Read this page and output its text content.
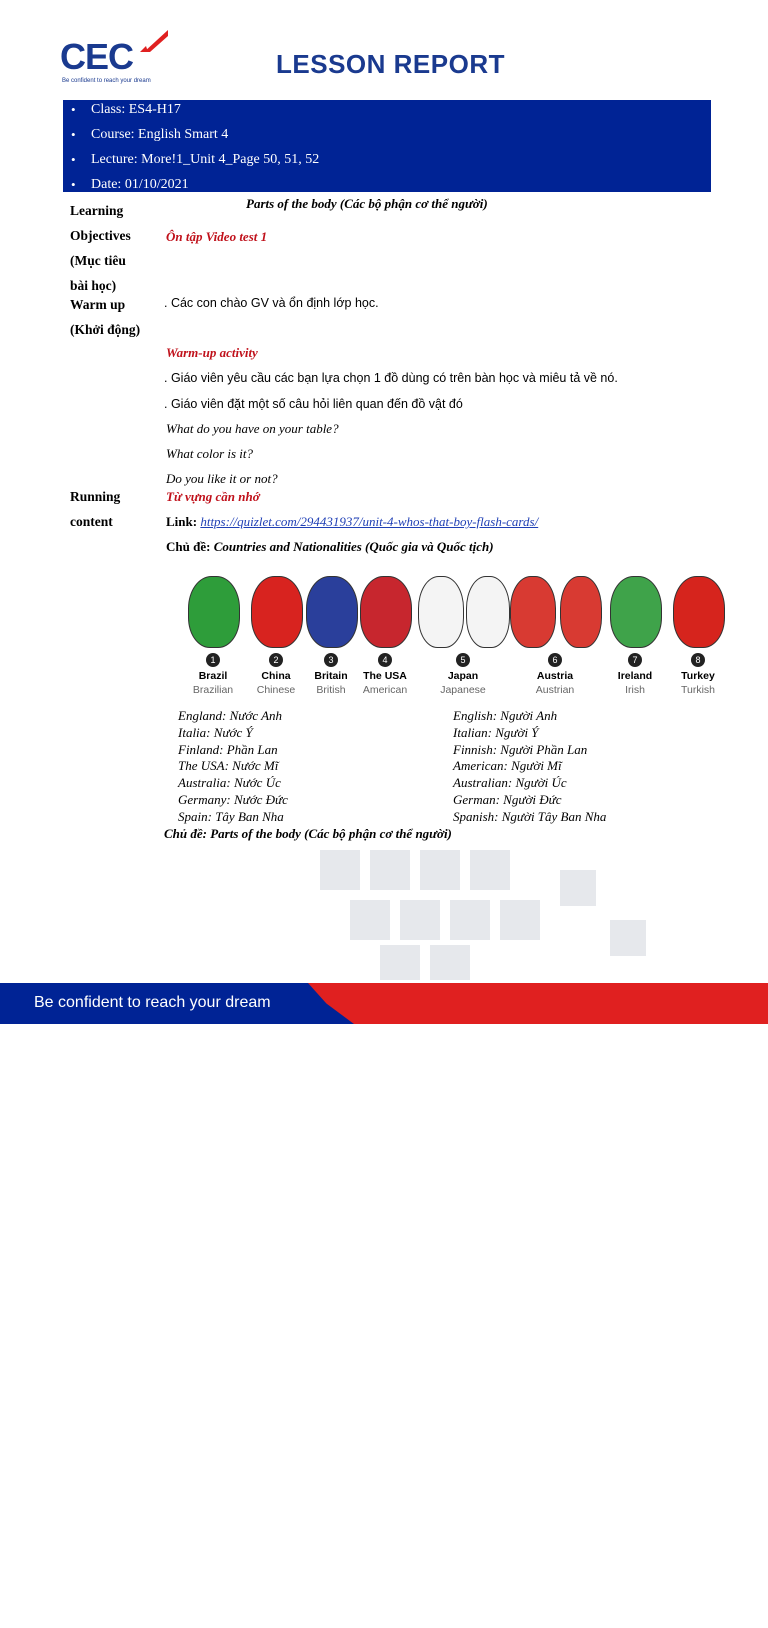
CEC
Be confident to reach your dream
LESSON REPORT
• Class: ES4-H17
• Course: English Smart 4
• Lecture: More!1_Unit 4_Page 50, 51, 52
• Date: 01/10/2021
Learning
Objectives
(Mục tiêu
bài học)
Parts of the body (Các bộ phận cơ thể người)
Ôn tập Video test 1
Warm up
(Khởi động)
. Các con chào GV và ổn định lớp học.
Warm-up activity
. Giáo viên yêu cầu các bạn lựa chọn 1 đồ dùng có trên bàn học và miêu tả về nó.
. Giáo viên đặt một số câu hỏi liên quan đến đồ vật đó
What do you have on your table?
What color is it?
Do you like it or not?
Running
content
Từ vựng cần nhớ
Link: https://quizlet.com/294431937/unit-4-whos-that-boy-flash-cards/
Chủ đề: Countries and Nationalities (Quốc gia và Quốc tịch)
1
Brazil
Brazilian
2
China
Chinese
3
Britain
British
4
The USA
American
5
Japan
Japanese
6
Austria
Austrian
7
Ireland
Irish
8
Turkey
Turkish
England: Nước Anh
Italia: Nước Ý
Finland: Phần Lan
The USA: Nước Mĩ
Australia: Nước Úc
Germany: Nước Đức
Spain: Tây Ban Nha
English: Người Anh
Italian: Người Ý
Finnish: Người Phần Lan
American: Người Mĩ
Australian: Người Úc
German: Người Đức
Spanish: Người Tây Ban Nha
Chủ đề: Parts of the body (Các bộ phận cơ thể người)
Be confident to reach your dream
